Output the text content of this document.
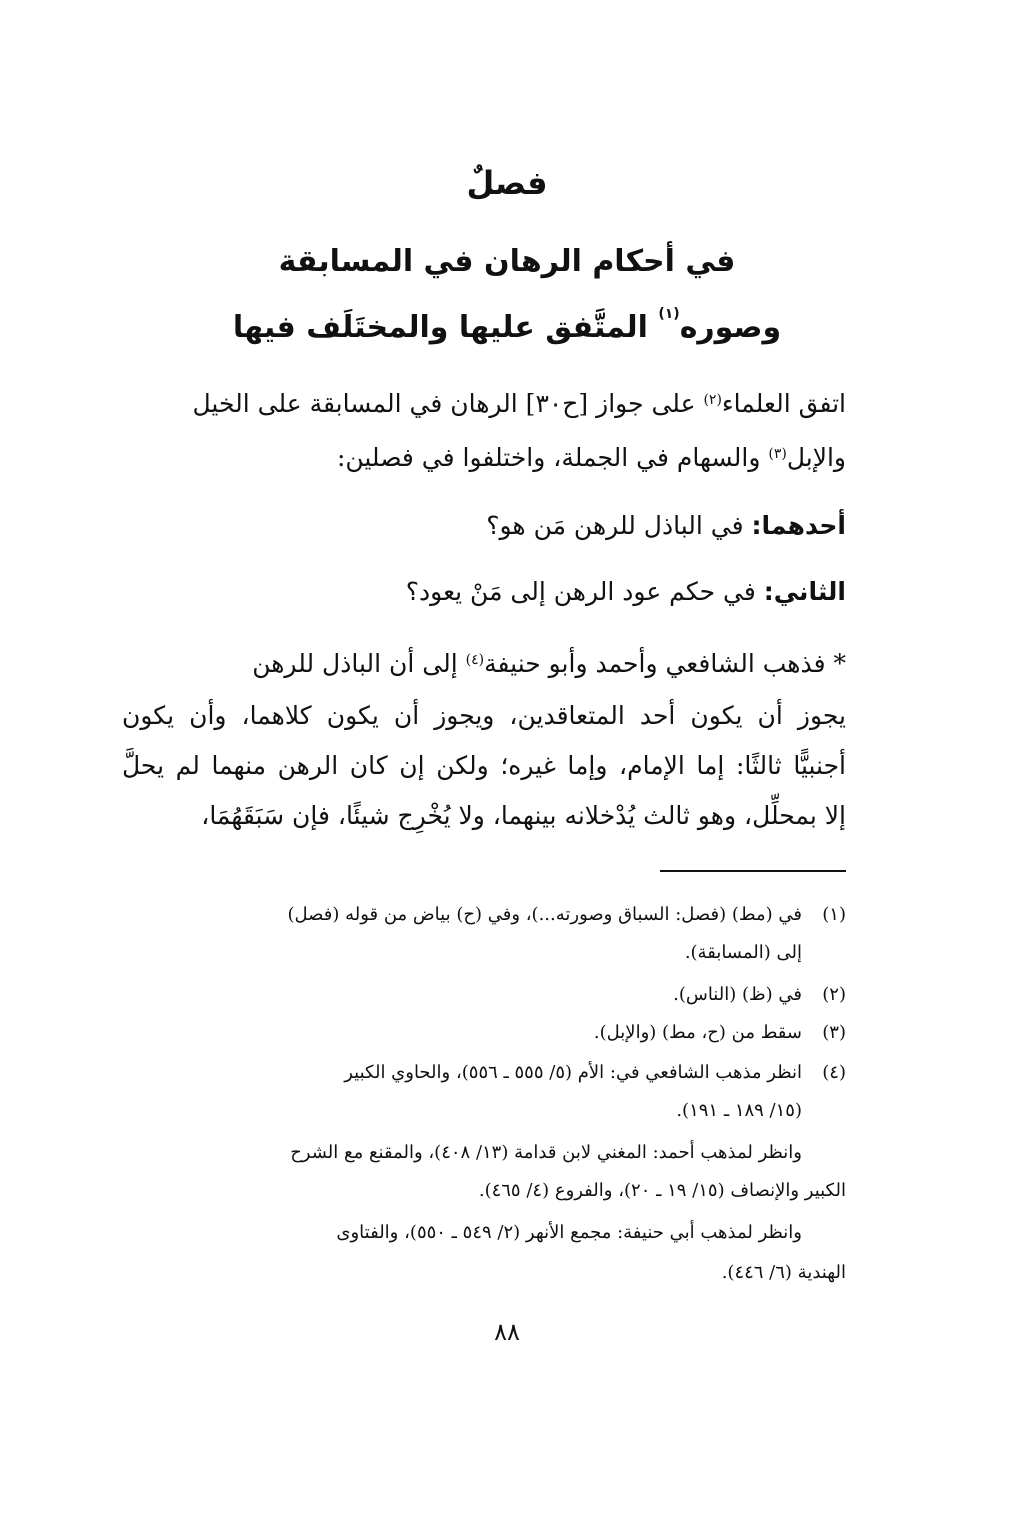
فصلٌ
في أحكام الرهان في المسابقة
وصوره$^{(١)}$ المتَّفق عليها والمختَلَف فيها
اتفق العلماء$^{(٢)}$ على جواز [ح٣٠] الرهان في المسابقة على الخيل
والإبل$^{(٣)}$ والسهام في الجملة، واختلفوا في فصلين:
أحدهما: في الباذل للرهن مَن هو؟
الثاني: في حكم عود الرهن إلى مَنْ يعود؟
* فذهب الشافعي وأحمد وأبو حنيفة$^{(٤)}$ إلى أن الباذل للرهن
يجوز أن يكون أحد المتعاقدين، ويجوز أن يكون كلاهما، وأن يكون
أجنبيًّا ثالثًا: إما الإمام، وإما غيره؛ ولكن إن كان الرهن منهما لم يحلَّ
إلا بمحلِّل، وهو ثالث يُدْخلانه بينهما، ولا يُخْرِج شيئًا، فإن سَبَقَهُمَا،
(١)في (مط) (فصل: السباق وصورته...)، وفي (ح) بياض من قوله (فصل)
إلى (المسابقة).
(٢)في (ظ) (الناس).
(٣)سقط من (ح، مط) (والإبل).
(٤)انظر مذهب الشافعي في: الأم (٥/ ٥٥٥ ـ ٥٥٦)، والحاوي الكبير
(١٥/ ١٨٩ ـ ١٩١).
وانظر لمذهب أحمد: المغني لابن قدامة (١٣/ ٤٠٨)، والمقنع مع الشرح
الكبير والإنصاف (١٥/ ١٩ ـ ٢٠)، والفروع (٤/ ٤٦٥).
وانظر لمذهب أبي حنيفة: مجمع الأنهر (٢/ ٥٤٩ ـ ٥٥٠)، والفتاوى
الهندية (٦/ ٤٤٦).
٨٨
